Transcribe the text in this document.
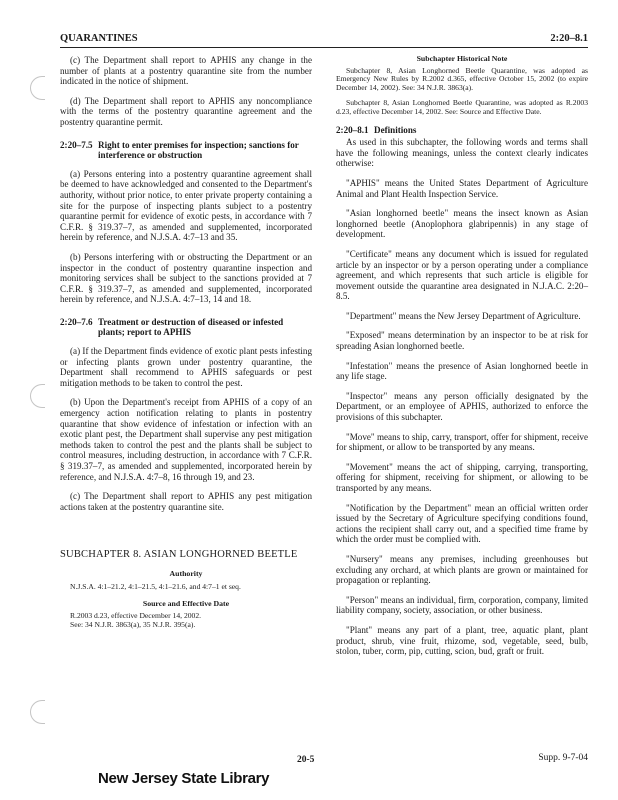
QUARANTINES	2:20–8.1

(c) The Department shall report to APHIS any change in the number of plants at a postentry quarantine site from the number indicated in the notice of shipment.

(d) The Department shall report to APHIS any noncompliance with the terms of the postentry quarantine agreement and the postentry quarantine permit.

2:20–7.5 Right to enter premises for inspection; sanctions for interference or obstruction

(a) Persons entering into a postentry quarantine agreement shall be deemed to have acknowledged and consented to the Department's authority, without prior notice, to enter private property containing a site for the purpose of inspecting plants subject to a postentry quarantine permit for evidence of exotic pests, in accordance with 7 C.F.R. § 319.37–7, as amended and supplemented, incorporated herein by reference, and N.J.S.A. 4:7–13 and 35.

(b) Persons interfering with or obstructing the Department or an inspector in the conduct of postentry quarantine inspection and monitoring services shall be subject to the sanctions provided at 7 C.F.R. § 319.37–7, as amended and supplemented, incorporated herein by reference, and N.J.S.A. 4:7–13, 14 and 18.

2:20–7.6 Treatment or destruction of diseased or infested plants; report to APHIS

(a) If the Department finds evidence of exotic plant pests infesting or infecting plants grown under postentry quarantine, the Department shall recommend to APHIS safeguards or pest mitigation methods to be taken to control the pest.

(b) Upon the Department's receipt from APHIS of a copy of an emergency action notification relating to plants in postentry quarantine that show evidence of infestation or infection with an exotic plant pest, the Department shall supervise any pest mitigation methods taken to control the pest and the plants shall be subject to control measures, including destruction, in accordance with 7 C.F.R. § 319.37–7, as amended and supplemented, incorporated herein by reference, and N.J.S.A. 4:7–8, 16 through 19, and 23.

(c) The Department shall report to APHIS any pest mitigation actions taken at the postentry quarantine site.

SUBCHAPTER 8. ASIAN LONGHORNED BEETLE
Authority
N.J.S.A. 4:1–21.2, 4:1–21.5, 4:1–21.6, and 4:7–1 et seq.
Source and Effective Date
R.2003 d.23, effective December 14, 2002.
See: 34 N.J.R. 3863(a), 35 N.J.R. 395(a).
Subchapter Historical Note

Subchapter 8, Asian Longhorned Beetle Quarantine, was adopted as Emergency New Rules by R.2002 d.365, effective October 15, 2002 (to expire December 14, 2002). See: 34 N.J.R. 3863(a).

Subchapter 8, Asian Longhorned Beetle Quarantine, was adopted as R.2003 d.23, effective December 14, 2002. See: Source and Effective Date.

2:20–8.1 Definitions

As used in this subchapter, the following words and terms shall have the following meanings, unless the context clearly indicates otherwise:

"APHIS" means the United States Department of Agriculture Animal and Plant Health Inspection Service.

"Asian longhorned beetle" means the insect known as Asian longhorned beetle (Anoplophora glabripennis) in any stage of development.

"Certificate" means any document which is issued for regulated article by an inspector or by a person operating under a compliance agreement, and which represents that such article is eligible for movement outside the quarantine area designated in N.J.A.C. 2:20–8.5.

"Department" means the New Jersey Department of Agriculture.

"Exposed" means determination by an inspector to be at risk for spreading Asian longhorned beetle.

"Infestation" means the presence of Asian longhorned beetle in any life stage.

"Inspector" means any person officially designated by the Department, or an employee of APHIS, authorized to enforce the provisions of this subchapter.

"Move" means to ship, carry, transport, offer for shipment, receive for shipment, or allow to be transported by any means.

"Movement" means the act of shipping, carrying, transporting, offering for shipment, receiving for shipment, or allowing to be transported by any means.

"Notification by the Department" mean an official written order issued by the Secretary of Agriculture specifying conditions found, actions the recipient shall carry out, and a specified time frame by which the order must be complied with.

"Nursery" means any premises, including greenhouses but excluding any orchard, at which plants are grown or maintained for propagation or replanting.

"Person" means an individual, firm, corporation, company, limited liability company, society, association, or other business.

"Plant" means any part of a plant, tree, aquatic plant, plant product, shrub, vine fruit, rhizome, sod, vegetable, seed, bulb, stolon, tuber, corm, pip, cutting, scion, bud, graft or fruit.

20-5	Supp. 9-7-04
New Jersey State Library
